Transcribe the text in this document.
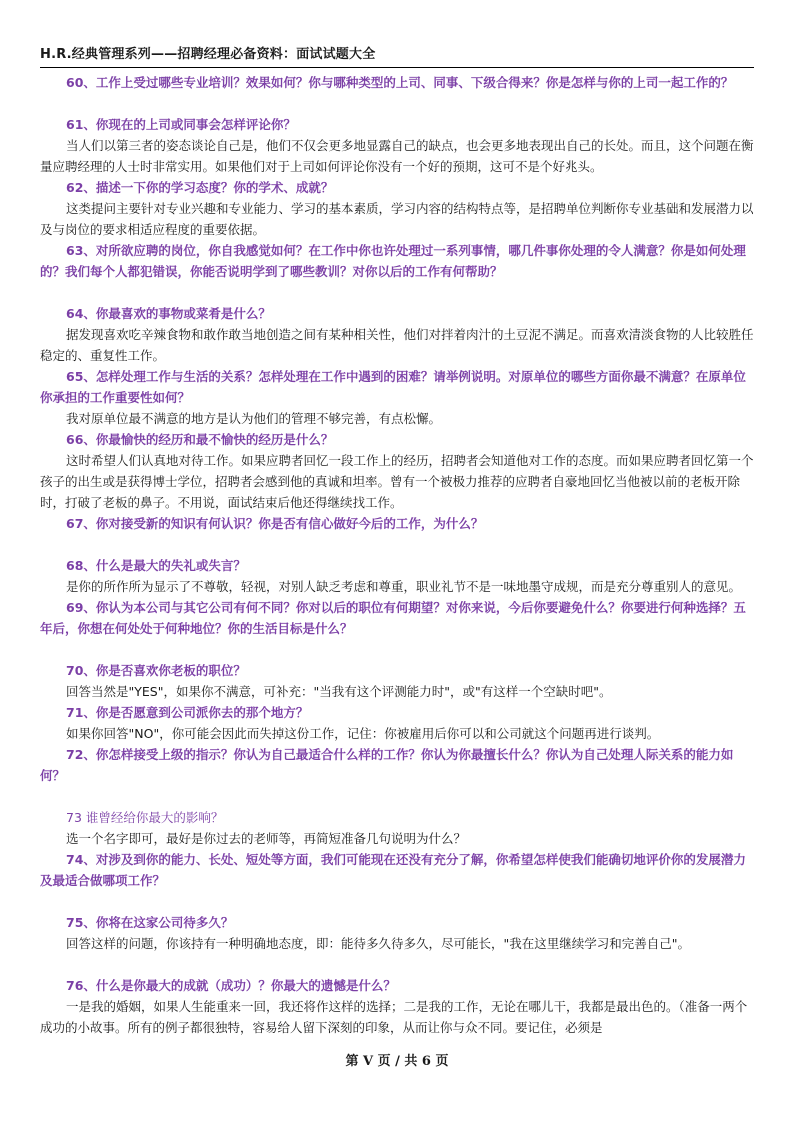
H.R.经典管理系列——招聘经理必备资料：面试试题大全

60、工作上受过哪些专业培训？效果如何？你与哪种类型的上司、同事、下级合得来？你是怎样与你的上司一起工作的？

61、你现在的上司或同事会怎样评论你？

当人们以第三者的姿态谈论自己是，他们不仅会更多地显露自己的缺点，也会更多地表现出自己的长处。而且，这个问题在衡量应聘经理的人士时非常实用。如果他们对于上司如何评论你没有一个好的预期，这可不是个好兆头。

62、描述一下你的学习态度？你的学术、成就？

这类提问主要针对专业兴趣和专业能力、学习的基本素质，学习内容的结构特点等，是招聘单位判断你专业基础和发展潜力以及与岗位的要求相适应程度的重要依据。

63、对所欲应聘的岗位，你自我感觉如何？在工作中你也许处理过一系列事情，哪几件事你处理的令人满意？你是如何处理的？我们每个人都犯错误，你能否说明学到了哪些教训？对你以后的工作有何帮助？

64、你最喜欢的事物或菜肴是什么？

据发现喜欢吃辛辣食物和敢作敢当地创造之间有某种相关性，他们对拌着肉汁的土豆泥不满足。而喜欢清淡食物的人比较胜任稳定的、重复性工作。

65、怎样处理工作与生活的关系？怎样处理在工作中遇到的困难？请举例说明。对原单位的哪些方面你最不满意？在原单位你承担的工作重要性如何？

我对原单位最不满意的地方是认为他们的管理不够完善，有点松懈。

66、你最愉快的经历和最不愉快的经历是什么？

这时希望人们认真地对待工作。如果应聘者回忆一段工作上的经历，招聘者会知道他对工作的态度。而如果应聘者回忆第一个孩子的出生或是获得博士学位，招聘者会感到他的真诚和坦率。曾有一个被极力推荐的应聘者自豪地回忆当他被以前的老板开除时，打破了老板的鼻子。不用说，面试结束后他还得继续找工作。

67、你对接受新的知识有何认识？你是否有信心做好今后的工作，为什么？

68、什么是最大的失礼或失言？

是你的所作所为显示了不尊敬，轻视，对别人缺乏考虑和尊重，职业礼节不是一味地墨守成规，而是充分尊重别人的意见。

69、你认为本公司与其它公司有何不同？你对以后的职位有何期望？对你来说，今后你要避免什么？你要进行何种选择？五年后，你想在何处处于何种地位？你的生活目标是什么？

70、你是否喜欢你老板的职位？

回答当然是"YES"，如果你不满意，可补充："当我有这个评测能力时"，或"有这样一个空缺时吧"。

71、你是否愿意到公司派你去的那个地方？

如果你回答"NO"，你可能会因此而失掉这份工作，记住：你被雇用后你可以和公司就这个问题再进行谈判。

72、你怎样接受上级的指示？你认为自己最适合什么样的工作？你认为你最擅长什么？你认为自己处理人际关系的能力如何？

73 谁曾经给你最大的影响？

选一个名字即可，最好是你过去的老师等，再简短准备几句说明为什么？

74、对涉及到你的能力、长处、短处等方面，我们可能现在还没有充分了解，你希望怎样使我们能确切地评价你的发展潜力及最适合做哪项工作？

75、你将在这家公司待多久？

回答这样的问题，你该持有一种明确地态度，即：能待多久待多久，尽可能长，"我在这里继续学习和完善自己"。

76、什么是你最大的成就（成功）？你最大的遗憾是什么？

一是我的婚姻，如果人生能重来一回，我还将作这样的选择；二是我的工作，无论在哪儿干，我都是最出色的。（准备一两个成功的小故事。所有的例子都很独特，容易给人留下深刻的印象，从而让你与众不同。要记住，必须是

第 V 页 / 共 6 页
